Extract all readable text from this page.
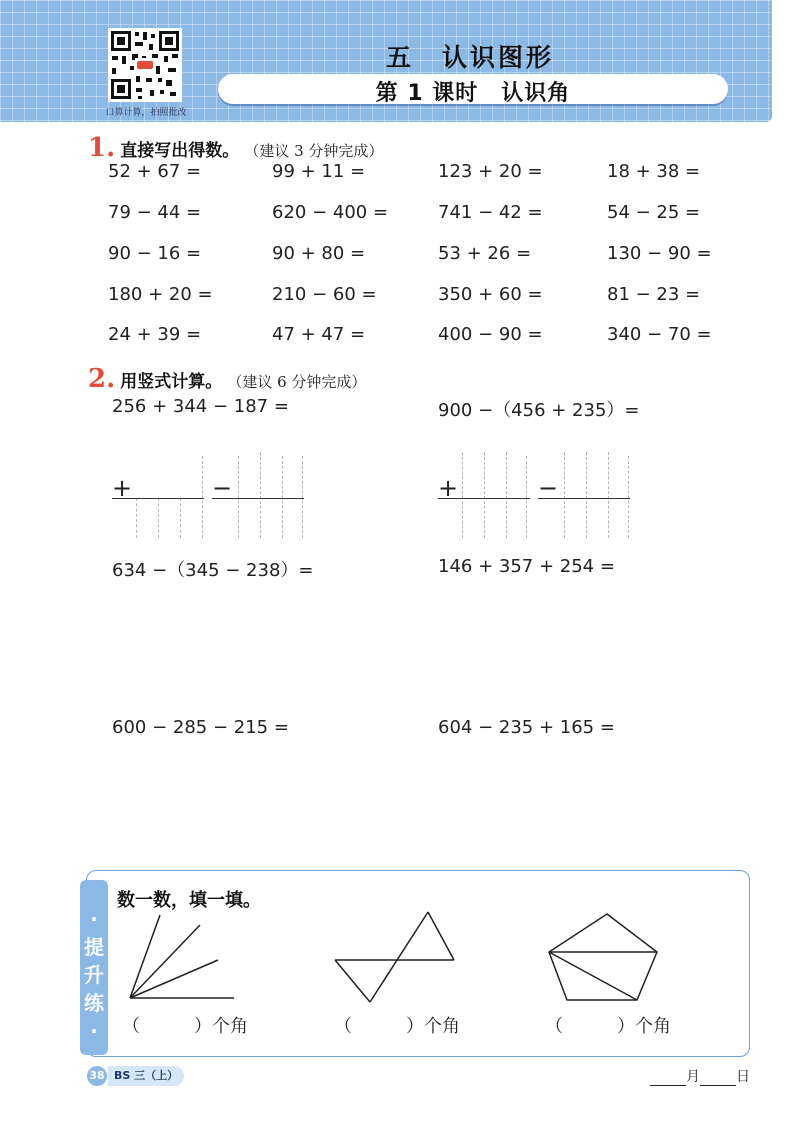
口算计算，拍照批改
五　认识图形
第 1 课时　认识角
1. 直接写出得数。 （建议 3 分钟完成）
52 + 67 =	99 + 11 =	123 + 20 =	18 + 38 =
79 − 44 =	620 − 400 =	741 − 42 =	54 − 25 =
90 − 16 =	90 + 80 =	53 + 26 =	130 − 90 =
180 + 20 =	210 − 60 =	350 + 60 =	81 − 23 =
24 + 39 =	47 + 47 =	400 − 90 =	340 − 70 =
2. 用竖式计算。 （建议 6 分钟完成）
256 + 344 − 187 =	900 −（456 + 235）=
+	−	+	−
634 −（345 − 238）=	146 + 357 + 254 =
600 − 285 − 215 =	604 − 235 + 165 =
·
提
升
练
·
数一数，填一填。
（　　　）个角	（　　　）个角	（　　　）个角
38 BS 三（上）	月	日
